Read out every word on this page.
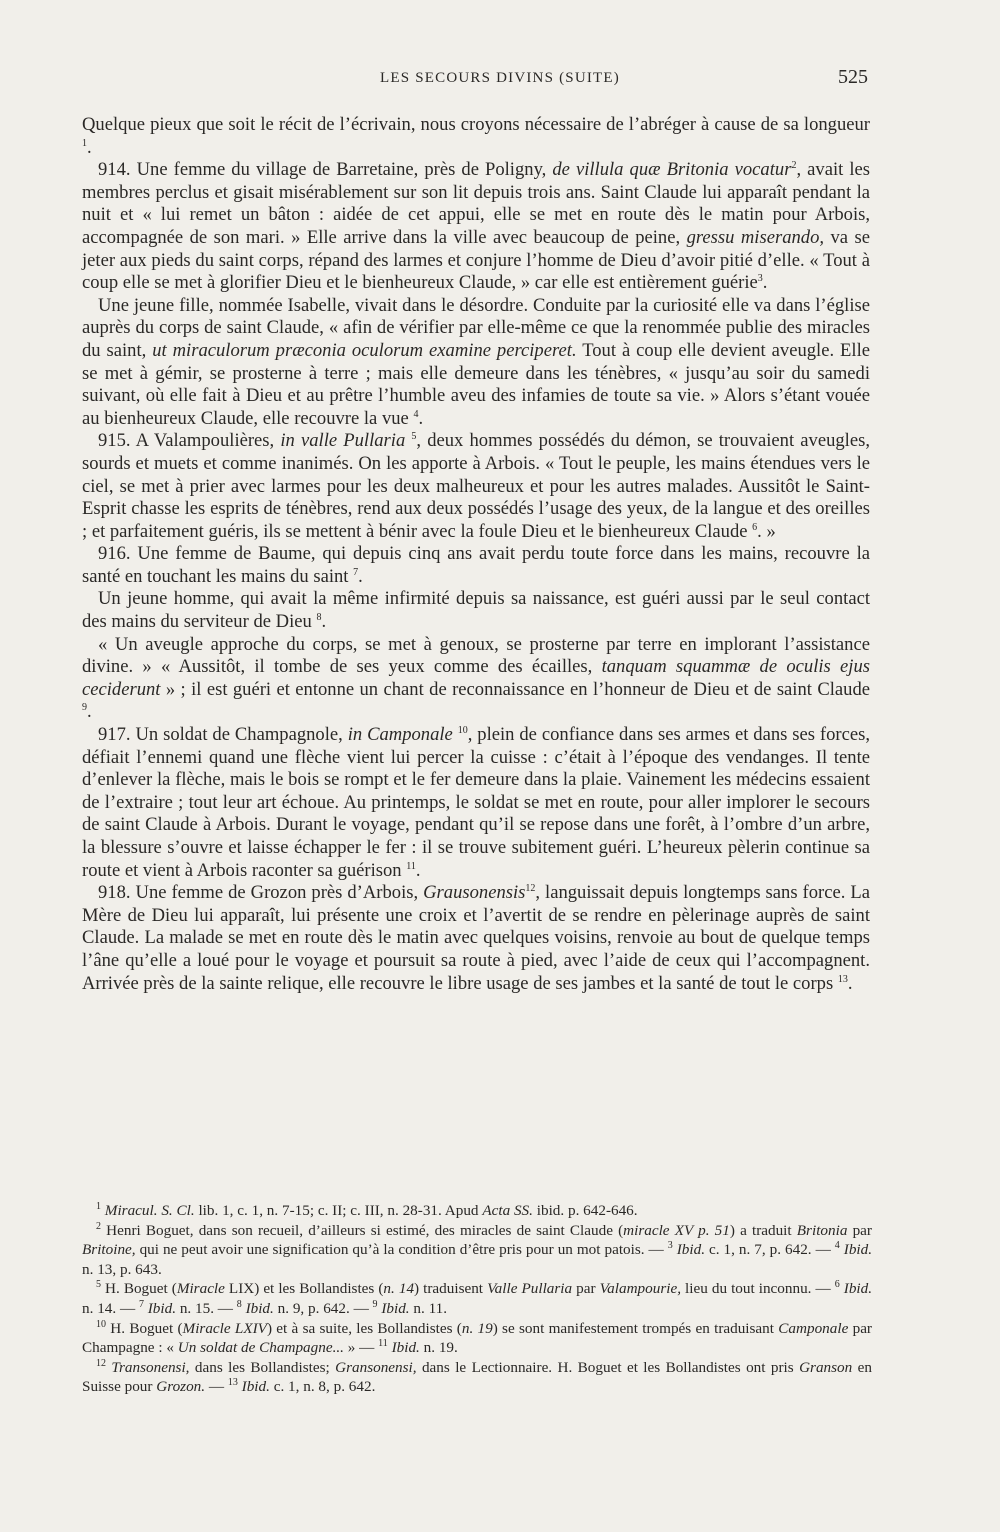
LES SECOURS DIVINS (SUITE)	525

Quelque pieux que soit le récit de l’écrivain, nous croyons nécessaire de l’abréger à cause de sa longueur $^1$.

914. Une femme du village de Barretaine, près de Poligny, de villula quæ Britonia vocatur$^2$, avait les membres perclus et gisait misérablement sur son lit depuis trois ans. Saint Claude lui apparaît pendant la nuit et « lui remet un bâton : aidée de cet appui, elle se met en route dès le matin pour Arbois, accompagnée de son mari. » Elle arrive dans la ville avec beaucoup de peine, gressu miserando, va se jeter aux pieds du saint corps, répand des larmes et conjure l’homme de Dieu d’avoir pitié d’elle. « Tout à coup elle se met à glorifier Dieu et le bienheureux Claude, » car elle est entièrement guérie$^3$.

Une jeune fille, nommée Isabelle, vivait dans le désordre. Conduite par la curiosité elle va dans l’église auprès du corps de saint Claude, « afin de vérifier par elle-même ce que la renommée publie des miracles du saint, ut miraculorum præconia oculorum examine perciperet. Tout à coup elle devient aveugle. Elle se met à gémir, se prosterne à terre ; mais elle demeure dans les ténèbres, « jusqu’au soir du samedi suivant, où elle fait à Dieu et au prêtre l’humble aveu des infamies de toute sa vie. » Alors s’étant vouée au bienheureux Claude, elle recouvre la vue $^4$.

915. A Valampoulières, in valle Pullaria $^5$, deux hommes possédés du démon, se trouvaient aveugles, sourds et muets et comme inanimés. On les apporte à Arbois. « Tout le peuple, les mains étendues vers le ciel, se met à prier avec larmes pour les deux malheureux et pour les autres malades. Aussitôt le Saint-Esprit chasse les esprits de ténèbres, rend aux deux possédés l’usage des yeux, de la langue et des oreilles ; et parfaitement guéris, ils se mettent à bénir avec la foule Dieu et le bienheureux Claude $^6$. »

916. Une femme de Baume, qui depuis cinq ans avait perdu toute force dans les mains, recouvre la santé en touchant les mains du saint $^7$.

Un jeune homme, qui avait la même infirmité depuis sa naissance, est guéri aussi par le seul contact des mains du serviteur de Dieu $^8$.

« Un aveugle approche du corps, se met à genoux, se prosterne par terre en implorant l’assistance divine. » « Aussitôt, il tombe de ses yeux comme des écailles, tanquam squammæ de oculis ejus ceciderunt » ; il est guéri et entonne un chant de reconnaissance en l’honneur de Dieu et de saint Claude $^9$.

917. Un soldat de Champagnole, in Camponale $^{10}$, plein de confiance dans ses armes et dans ses forces, défiait l’ennemi quand une flèche vient lui percer la cuisse : c’était à l’époque des vendanges. Il tente d’enlever la flèche, mais le bois se rompt et le fer demeure dans la plaie. Vainement les médecins essaient de l’extraire ; tout leur art échoue. Au printemps, le soldat se met en route, pour aller implorer le secours de saint Claude à Arbois. Durant le voyage, pendant qu’il se repose dans une forêt, à l’ombre d’un arbre, la blessure s’ouvre et laisse échapper le fer : il se trouve subitement guéri. L’heureux pèlerin continue sa route et vient à Arbois raconter sa guérison $^{11}$.

918. Une femme de Grozon près d’Arbois, Grausonensis$^{12}$, languissait depuis longtemps sans force. La Mère de Dieu lui apparaît, lui présente une croix et l’avertit de se rendre en pèlerinage auprès de saint Claude. La malade se met en route dès le matin avec quelques voisins, renvoie au bout de quelque temps l’âne qu’elle a loué pour le voyage et poursuit sa route à pied, avec l’aide de ceux qui l’accompagnent. Arrivée près de la sainte relique, elle recouvre le libre usage de ses jambes et la santé de tout le corps $^{13}$.

$^1$ Miracul. S. Cl. lib. 1, c. 1, n. 7-15; c. II; c. III, n. 28-31. Apud Acta SS. ibid. p. 642-646.

$^2$ Henri Boguet, dans son recueil, d’ailleurs si estimé, des miracles de saint Claude (miracle XV p. 51) a traduit Britonia par Britoine, qui ne peut avoir une signification qu’à la condition d’être pris pour un mot patois. — $^3$ Ibid. c. 1, n. 7, p. 642. — $^4$ Ibid. n. 13, p. 643.

$^5$ H. Boguet (Miracle LIX) et les Bollandistes (n. 14) traduisent Valle Pullaria par Valampourie, lieu du tout inconnu. — $^6$ Ibid. n. 14. — $^7$ Ibid. n. 15. — $^8$ Ibid. n. 9, p. 642. — $^9$ Ibid. n. 11.

$^{10}$ H. Boguet (Miracle LXIV) et à sa suite, les Bollandistes (n. 19) se sont manifestement trompés en traduisant Camponale par Champagne : « Un soldat de Champagne... » — $^{11}$ Ibid. n. 19.

$^{12}$ Transonensi, dans les Bollandistes; Gransonensi, dans le Lectionnaire. H. Boguet et les Bollandistes ont pris Granson en Suisse pour Grozon. — $^{13}$ Ibid. c. 1, n. 8, p. 642.
